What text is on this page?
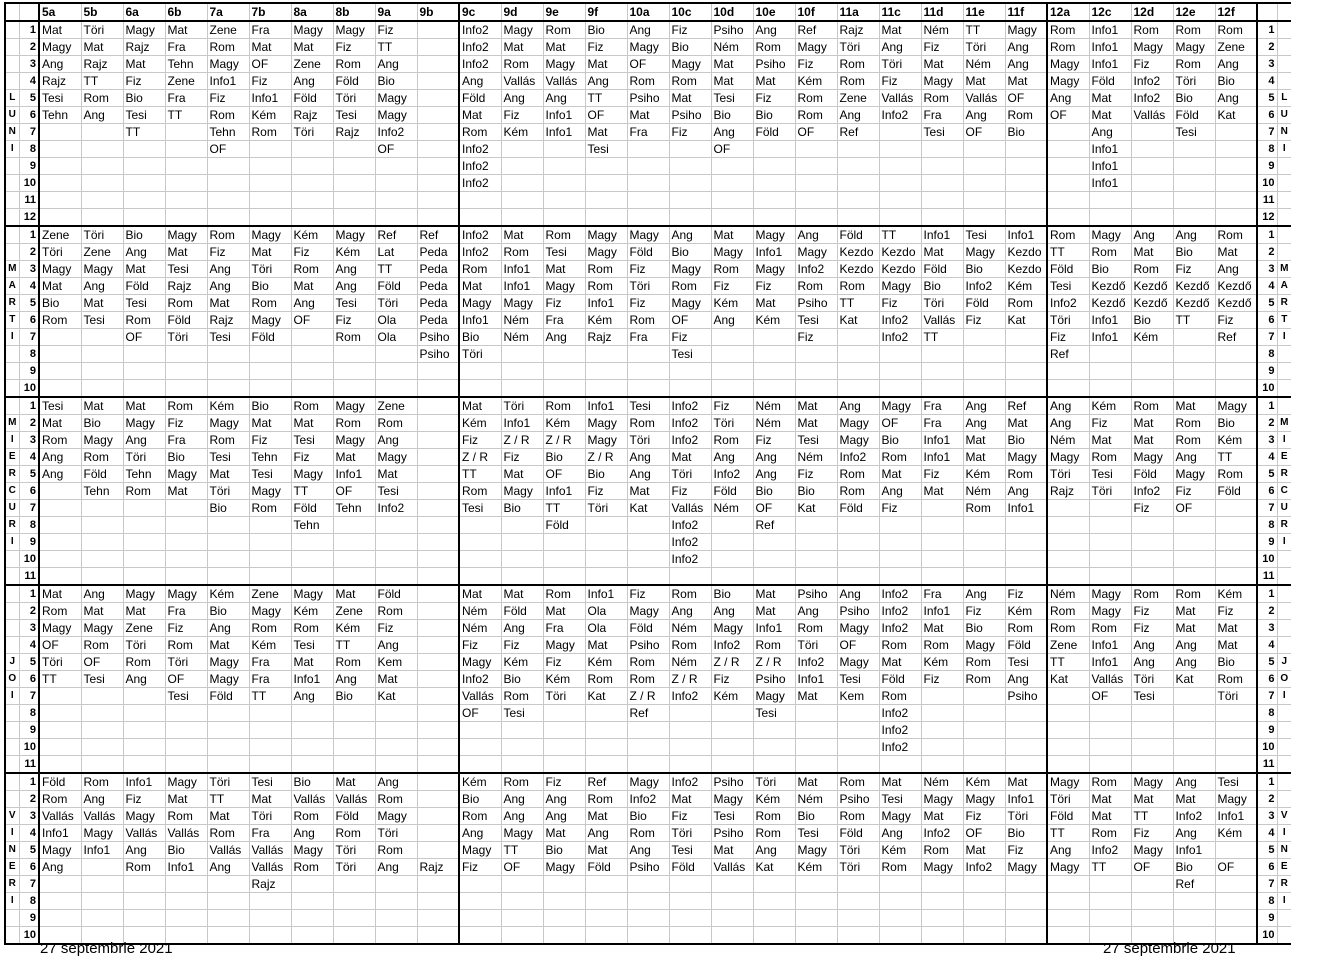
		5a	5b	6a	6b	7a	7b	8a	8b	9a	9b	9c	9d	9e	9f	10a	10c	10d	10e	10f	11a	11c	11d	11e	11f	12a	12c	12d	12e	12f		
	1	Mat	Töri	Magy	Mat	Zene	Fra	Magy	Magy	Fiz		Info2	Magy	Rom	Bio	Ang	Fiz	Psiho	Ang	Ref	Rajz	Mat	Ném	TT	Magy	Rom	Info1	Rom	Rom	Rom	1	
	2	Magy	Mat	Rajz	Fra	Rom	Mat	Mat	Fiz	TT		Info2	Mat	Mat	Fiz	Magy	Bio	Ném	Rom	Magy	Töri	Ang	Fiz	Töri	Ang	Rom	Info1	Magy	Magy	Zene	2	
	3	Ang	Rajz	Mat	Tehn	Magy	OF	Zene	Rom	Ang		Info2	Rom	Magy	Mat	OF	Magy	Mat	Psiho	Fiz	Rom	Töri	Mat	Ném	Ang	Magy	Info1	Fiz	Rom	Ang	3	
	4	Rajz	TT	Fiz	Zene	Info1	Fiz	Ang	Föld	Bio		Ang	Vallás	Vallás	Ang	Rom	Rom	Mat	Mat	Kém	Rom	Fiz	Magy	Mat	Mat	Magy	Föld	Info2	Töri	Bio	4	
L	5	Tesi	Rom	Bio	Fra	Fiz	Info1	Föld	Töri	Magy		Föld	Ang	Ang	TT	Psiho	Mat	Tesi	Fiz	Rom	Zene	Vallás	Rom	Vallás	OF	Ang	Mat	Info2	Bio	Ang	5	L
U	6	Tehn	Ang	Tesi	TT	Rom	Kém	Rajz	Tesi	Magy		Mat	Fiz	Info1	OF	Mat	Psiho	Bio	Bio	Rom	Ang	Info2	Fra	Ang	Rom	OF	Mat	Vallás	Föld	Kat	6	U
N	7			TT		Tehn	Rom	Töri	Rajz	Info2		Rom	Kém	Info1	Mat	Fra	Fiz	Ang	Föld	OF	Ref		Tesi	OF	Bio		Ang		Tesi		7	N
I	8					OF				OF		Info2			Tesi			OF									Info1				8	I
	9											Info2															Info1				9	
	10											Info2															Info1				10	
	11																														11	
	12																														12	
	1	Zene	Töri	Bio	Magy	Rom	Magy	Kém	Magy	Ref	Ref	Info2	Mat	Rom	Magy	Magy	Ang	Mat	Magy	Ang	Föld	TT	Info1	Tesi	Info1	Rom	Magy	Ang	Ang	Rom	1	
	2	Töri	Zene	Ang	Mat	Fiz	Mat	Fiz	Kém	Lat	Peda	Info2	Rom	Tesi	Magy	Föld	Bio	Magy	Info1	Magy	Kezdo	Kezdo	Mat	Magy	Kezdo	TT	Rom	Mat	Bio	Mat	2	
M	3	Magy	Magy	Mat	Tesi	Ang	Töri	Rom	Ang	TT	Peda	Rom	Info1	Mat	Rom	Fiz	Magy	Rom	Magy	Info2	Kezdo	Kezdo	Föld	Bio	Kezdo	Föld	Bio	Rom	Fiz	Ang	3	M
A	4	Mat	Ang	Föld	Rajz	Ang	Bio	Mat	Ang	Föld	Peda	Mat	Info1	Magy	Rom	Töri	Rom	Fiz	Fiz	Rom	Rom	Magy	Bio	Info2	Kém	Tesi	Kezdő	Kezdő	Kezdő	Kezdő	4	A
R	5	Bio	Mat	Tesi	Rom	Mat	Rom	Ang	Tesi	Töri	Peda	Magy	Magy	Fiz	Info1	Fiz	Magy	Kém	Mat	Psiho	TT	Fiz	Töri	Föld	Rom	Info2	Kezdő	Kezdő	Kezdő	Kezdő	5	R
T	6	Rom	Tesi	Rom	Föld	Rajz	Magy	OF	Fiz	Ola	Peda	Info1	Ném	Fra	Kém	Rom	OF	Ang	Kém	Tesi	Kat	Info2	Vallás	Fiz	Kat	Töri	Info1	Bio	TT	Fiz	6	T
I	7			OF	Töri	Tesi	Föld		Rom	Ola	Psiho	Bio	Ném	Ang	Rajz	Fra	Fiz			Fiz		Info2	TT			Fiz	Info1	Kém		Ref	7	I
	8										Psiho	Töri					Tesi									Ref					8	
	9																														9	
	10																														10	
	1	Tesi	Mat	Mat	Rom	Kém	Bio	Rom	Magy	Zene		Mat	Töri	Rom	Info1	Tesi	Info2	Fiz	Ném	Mat	Ang	Magy	Fra	Ang	Ref	Ang	Kém	Rom	Mat	Magy	1	
M	2	Mat	Bio	Magy	Fiz	Magy	Mat	Mat	Rom	Rom		Kém	Info1	Kém	Magy	Rom	Info2	Töri	Ném	Mat	Magy	OF	Fra	Ang	Mat	Ang	Fiz	Mat	Rom	Bio	2	M
I	3	Rom	Magy	Ang	Fra	Rom	Fiz	Tesi	Magy	Ang		Fiz	Z / R	Z / R	Magy	Töri	Info2	Rom	Fiz	Tesi	Magy	Bio	Info1	Mat	Bio	Ném	Mat	Mat	Rom	Kém	3	I
E	4	Ang	Rom	Töri	Bio	Tesi	Tehn	Fiz	Mat	Magy		Z / R	Fiz	Bio	Z / R	Ang	Mat	Ang	Ang	Ném	Info2	Rom	Info1	Mat	Magy	Magy	Rom	Magy	Ang	TT	4	E
R	5	Ang	Föld	Tehn	Magy	Mat	Tesi	Magy	Info1	Mat		TT	Mat	OF	Bio	Ang	Töri	Info2	Ang	Fiz	Rom	Mat	Fiz	Kém	Rom	Töri	Tesi	Föld	Magy	Rom	5	R
C	6		Tehn	Rom	Mat	Töri	Magy	TT	OF	Tesi		Rom	Magy	Info1	Fiz	Mat	Fiz	Föld	Bio	Bio	Rom	Ang	Mat	Ném	Ang	Rajz	Töri	Info2	Fiz	Föld	6	C
U	7					Bio	Rom	Föld	Tehn	Info2		Tesi	Bio	TT	Töri	Kat	Vallás	Ném	OF	Kat	Föld	Fiz		Rom	Info1			Fiz	OF		7	U
R	8							Tehn						Föld			Info2		Ref												8	R
I	9																Info2														9	I
	10																Info2														10	
	11																														11	
	1	Mat	Ang	Magy	Magy	Kém	Zene	Magy	Mat	Föld		Mat	Mat	Rom	Info1	Fiz	Rom	Bio	Mat	Psiho	Ang	Info2	Fra	Ang	Fiz	Ném	Magy	Rom	Rom	Kém	1	
	2	Rom	Mat	Mat	Fra	Bio	Magy	Kém	Zene	Rom		Ném	Föld	Mat	Ola	Magy	Ang	Ang	Mat	Ang	Psiho	Info2	Info1	Fiz	Kém	Rom	Magy	Fiz	Mat	Fiz	2	
	3	Magy	Magy	Zene	Fiz	Ang	Rom	Rom	Kém	Fiz		Ném	Ang	Fra	Ola	Föld	Ném	Magy	Info1	Rom	Magy	Info2	Mat	Bio	Rom	Rom	Rom	Fiz	Mat	Mat	3	
	4	OF	Rom	Töri	Rom	Mat	Kém	Tesi	TT	Ang		Fiz	Fiz	Magy	Mat	Psiho	Rom	Info2	Rom	Töri	OF	Rom	Rom	Magy	Föld	Zene	Info1	Ang	Ang	Mat	4	
J	5	Töri	OF	Rom	Töri	Magy	Fra	Mat	Rom	Kem		Magy	Kém	Fiz	Kém	Rom	Ném	Z / R	Z / R	Info2	Magy	Mat	Kém	Rom	Tesi	TT	Info1	Ang	Ang	Bio	5	J
O	6	TT	Tesi	Ang	OF	Magy	Fra	Info1	Ang	Mat		Info2	Bio	Kém	Rom	Rom	Z / R	Fiz	Psiho	Info1	Tesi	Föld	Fiz	Rom	Ang	Kat	Vallás	Töri	Kat	Rom	6	O
I	7				Tesi	Föld	TT	Ang	Bio	Kat		Vallás	Rom	Töri	Kat	Z / R	Info2	Kém	Magy	Mat	Kem	Rom			Psiho		OF	Tesi		Töri	7	I
	8											OF	Tesi			Ref			Tesi			Info2									8	
	9																					Info2									9	
	10																					Info2									10	
	11																														11	
	1	Föld	Rom	Info1	Magy	Töri	Tesi	Bio	Mat	Ang		Kém	Rom	Fiz	Ref	Magy	Info2	Psiho	Töri	Mat	Rom	Mat	Ném	Kém	Mat	Magy	Rom	Magy	Ang	Tesi	1	
	2	Rom	Ang	Fiz	Mat	TT	Mat	Vallás	Vallás	Rom		Bio	Ang	Ang	Rom	Info2	Mat	Magy	Kém	Ném	Psiho	Tesi	Magy	Magy	Info1	Töri	Mat	Mat	Mat	Magy	2	
V	3	Vallás	Vallás	Magy	Rom	Mat	Töri	Rom	Föld	Magy		Rom	Ang	Ang	Mat	Bio	Fiz	Tesi	Rom	Bio	Rom	Magy	Mat	Fiz	Töri	Föld	Mat	TT	Info2	Info1	3	V
I	4	Info1	Magy	Vallás	Vallás	Rom	Fra	Ang	Rom	Töri		Ang	Magy	Mat	Ang	Rom	Töri	Psiho	Rom	Tesi	Föld	Ang	Info2	OF	Bio	TT	Rom	Fiz	Ang	Kém	4	I
N	5	Magy	Info1	Ang	Bio	Vallás	Vallás	Magy	Töri	Rom		Magy	TT	Bio	Mat	Ang	Tesi	Mat	Ang	Magy	Töri	Kém	Rom	Mat	Fiz	Ang	Info2	Magy	Info1		5	N
E	6	Ang		Rom	Info1	Ang	Vallás	Rom	Töri	Ang	Rajz	Fiz	OF	Magy	Föld	Psiho	Föld	Vallás	Kat	Kém	Töri	Rom	Magy	Info2	Magy	Magy	TT	OF	Bio	OF	6	E
R	7						Rajz																						Ref		7	R
I	8																														8	I
	9																														9	
	10																														10	
27 septembrie 2021	27 septembrie 2021
